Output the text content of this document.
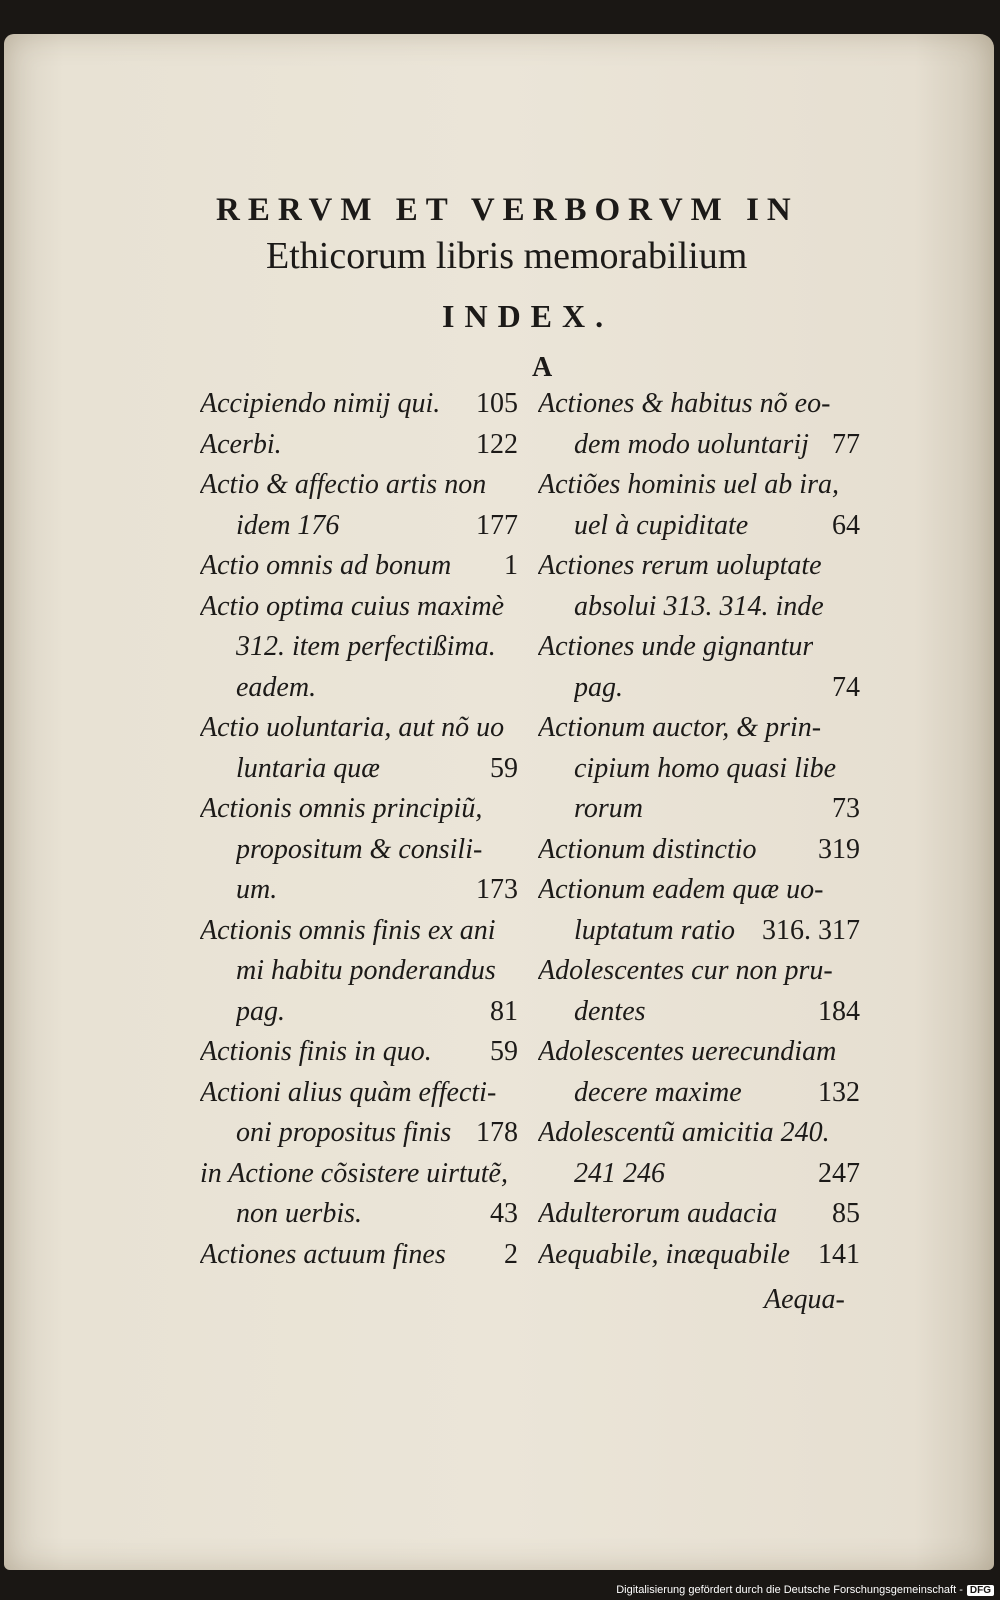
RERVM ET VERBORVM IN
Ethicorum libris memorabilium
INDEX.
A
Accipiendo nimij qui. 105
Acerbi.	122
Actio & affectio artis non
idem 176	177
Actio omnis ad bonum 1
Actio optima cuius maximè
312. item perfectißima.
eadem.
Actio uoluntaria, aut nõ uo
luntaria quæ	59
Actionis omnis principiũ,
propositum & consili-
um.	173
Actionis omnis finis ex ani
mi habitu ponderandus
pag.	81
Actionis finis in quo. 59
Actioni alius quàm effecti-
oni propositus finis 178
in Actione cõsistere uirtutẽ,
non uerbis.	43
Actiones actuum fines 2
Actiones & habitus nõ eo-
dem modo uoluntarij 77
Actiões hominis uel ab ira,
uel à cupiditate	64
Actiones rerum uoluptate
absolui 313. 314. inde
Actiones unde gignantur
pag.	74
Actionum auctor, & prin-
cipium homo quasi libe
rorum	73
Actionum distinctio 319
Actionum eadem quæ uo-
luptatum ratio 316. 317
Adolescentes cur non pru-
dentes	184
Adolescentes uerecundiam
decere maxime	132
Adolescentũ amicitia 240.
241 246	247
Adulterorum audacia 85
Aequabile, inæquabile 141
Aequa-
Digitalisierung gefördert durch die Deutsche Forschungsgemeinschaft - DFG
